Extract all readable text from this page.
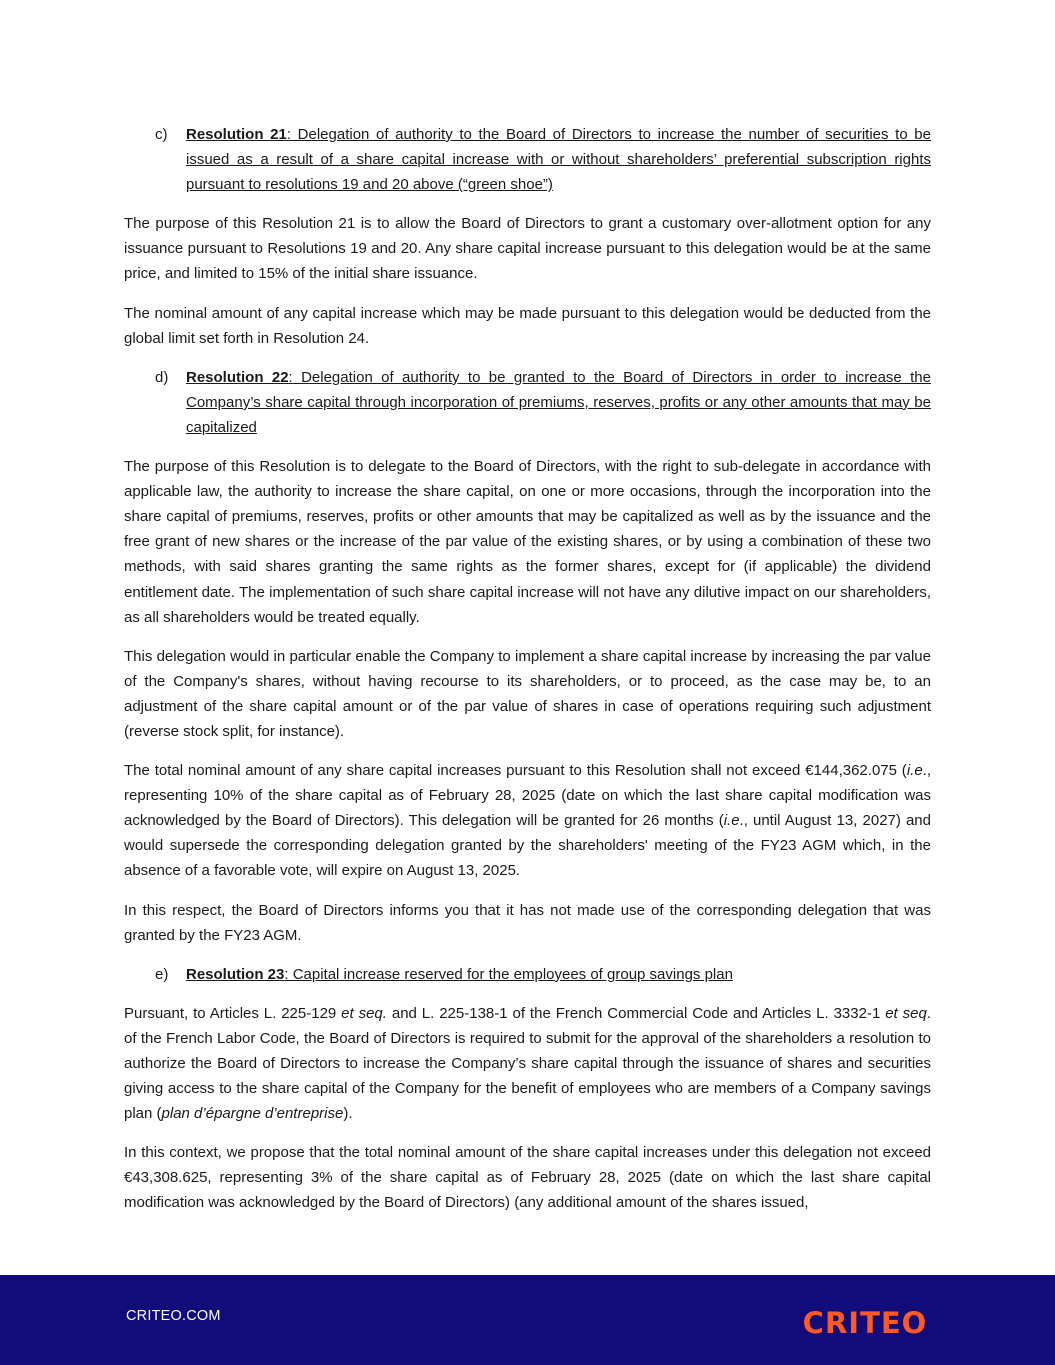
c)	Resolution 21: Delegation of authority to the Board of Directors to increase the number of securities to be issued as a result of a share capital increase with or without shareholders’ preferential subscription rights pursuant to resolutions 19 and 20 above (“green shoe”)

The purpose of this Resolution 21 is to allow the Board of Directors to grant a customary over-allotment option for any issuance pursuant to Resolutions 19 and 20. Any share capital increase pursuant to this delegation would be at the same price, and limited to 15% of the initial share issuance.

The nominal amount of any capital increase which may be made pursuant to this delegation would be deducted from the global limit set forth in Resolution 24.

d)	Resolution 22: Delegation of authority to be granted to the Board of Directors in order to increase the Company’s share capital through incorporation of premiums, reserves, profits or any other amounts that may be capitalized

The purpose of this Resolution is to delegate to the Board of Directors, with the right to sub-delegate in accordance with applicable law, the authority to increase the share capital, on one or more occasions, through the incorporation into the share capital of premiums, reserves, profits or other amounts that may be capitalized as well as by the issuance and the free grant of new shares or the increase of the par value of the existing shares, or by using a combination of these two methods, with said shares granting the same rights as the former shares, except for (if applicable) the dividend entitlement date. The implementation of such share capital increase will not have any dilutive impact on our shareholders, as all shareholders would be treated equally.

This delegation would in particular enable the Company to implement a share capital increase by increasing the par value of the Company's shares, without having recourse to its shareholders, or to proceed, as the case may be, to an adjustment of the share capital amount or of the par value of shares in case of operations requiring such adjustment (reverse stock split, for instance).

The total nominal amount of any share capital increases pursuant to this Resolution shall not exceed €144,362.075 (i.e., representing 10% of the share capital as of February 28, 2025 (date on which the last share capital modification was acknowledged by the Board of Directors). This delegation will be granted for 26 months (i.e., until August 13, 2027) and would supersede the corresponding delegation granted by the shareholders' meeting of the FY23 AGM which, in the absence of a favorable vote, will expire on August 13, 2025.

In this respect, the Board of Directors informs you that it has not made use of the corresponding delegation that was granted by the FY23 AGM.

e)	Resolution 23: Capital increase reserved for the employees of group savings plan

Pursuant, to Articles L. 225-129 et seq. and L. 225-138-1 of the French Commercial Code and Articles L. 3332-1 et seq. of the French Labor Code, the Board of Directors is required to submit for the approval of the shareholders a resolution to authorize the Board of Directors to increase the Company’s share capital through the issuance of shares and securities giving access to the share capital of the Company for the benefit of employees who are members of a Company savings plan (plan d’épargne d’entreprise).

In this context, we propose that the total nominal amount of the share capital increases under this delegation not exceed €43,308.625, representing 3% of the share capital as of February 28, 2025 (date on which the last share capital modification was acknowledged by the Board of Directors) (any additional amount of the shares issued,

CRITEO.COM	CRITEO
